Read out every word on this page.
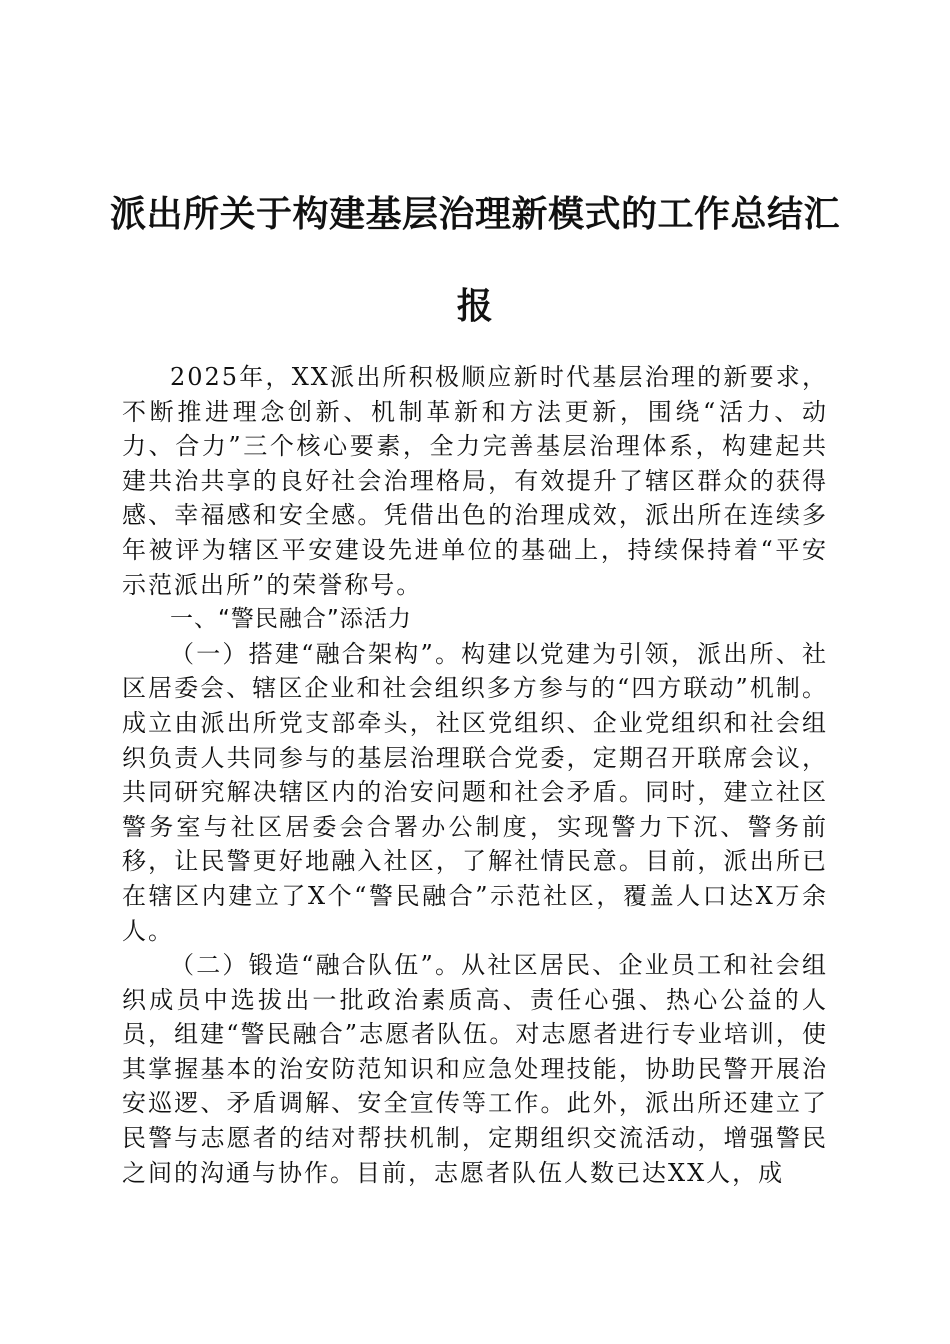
派出所关于构建基层治理新模式的工作总结汇报

2025年，XX派出所积极顺应新时代基层治理的新要求，不断推进理念创新、机制革新和方法更新，围绕“活力、动力、合力”三个核心要素，全力完善基层治理体系，构建起共建共治共享的良好社会治理格局，有效提升了辖区群众的获得感、幸福感和安全感。凭借出色的治理成效，派出所在连续多年被评为辖区平安建设先进单位的基础上，持续保持着“平安示范派出所”的荣誉称号。

一、“警民融合”添活力

（一）搭建“融合架构”。构建以党建为引领，派出所、社区居委会、辖区企业和社会组织多方参与的“四方联动”机制。成立由派出所党支部牵头，社区党组织、企业党组织和社会组织负责人共同参与的基层治理联合党委，定期召开联席会议，共同研究解决辖区内的治安问题和社会矛盾。同时，建立社区警务室与社区居委会合署办公制度，实现警力下沉、警务前移，让民警更好地融入社区，了解社情民意。目前，派出所已在辖区内建立了X个“警民融合”示范社区，覆盖人口达X万余人。

（二）锻造“融合队伍”。从社区居民、企业员工和社会组织成员中选拔出一批政治素质高、责任心强、热心公益的人员，组建“警民融合”志愿者队伍。对志愿者进行专业培训，使其掌握基本的治安防范知识和应急处理技能，协助民警开展治安巡逻、矛盾调解、安全宣传等工作。此外，派出所还建立了民警与志愿者的结对帮扶机制，定期组织交流活动，增强警民之间的沟通与协作。目前，志愿者队伍人数已达XX人，成
